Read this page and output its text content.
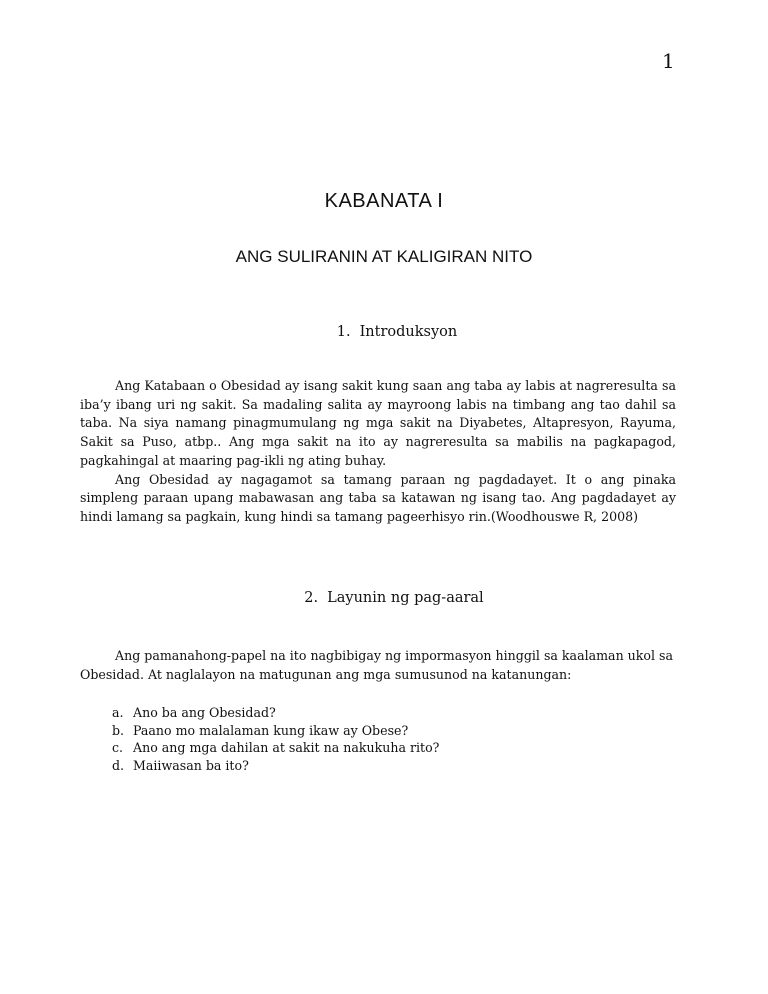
1
KABANATA I
ANG SULIRANIN AT KALIGIRAN NITO
1. Introduksyon

Ang Katabaan o Obesidad ay isang sakit kung saan ang taba ay labis at nagreresulta sa iba’y ibang uri ng sakit. Sa madaling salita ay mayroong labis na timbang ang tao dahil sa taba. Na siya namang pinagmumulang ng mga sakit na Diyabetes, Altapresyon, Rayuma, Sakit sa Puso, atbp.. Ang mga sakit na ito ay nagreresulta sa mabilis na pagkapagod, pagkahingal at maaring pag-ikli ng ating buhay.

Ang Obesidad ay nagagamot sa tamang paraan ng pagdadayet. It o ang pinaka simpleng paraan upang mabawasan ang taba sa katawan ng isang tao. Ang pagdadayet ay hindi lamang sa pagkain, kung hindi sa tamang pageerhisyo rin.(Woodhouswe R, 2008)

2. Layunin ng pag-aaral

Ang pamanahong-papel na ito nagbibigay ng impormasyon hinggil sa kaalaman ukol sa Obesidad. At naglalayon na matugunan ang mga sumusunod na katanungan:

a. Ano ba ang Obesidad?
b. Paano mo malalaman kung ikaw ay Obese?
c. Ano ang mga dahilan at sakit na nakukuha rito?
d. Maiiwasan ba ito?
